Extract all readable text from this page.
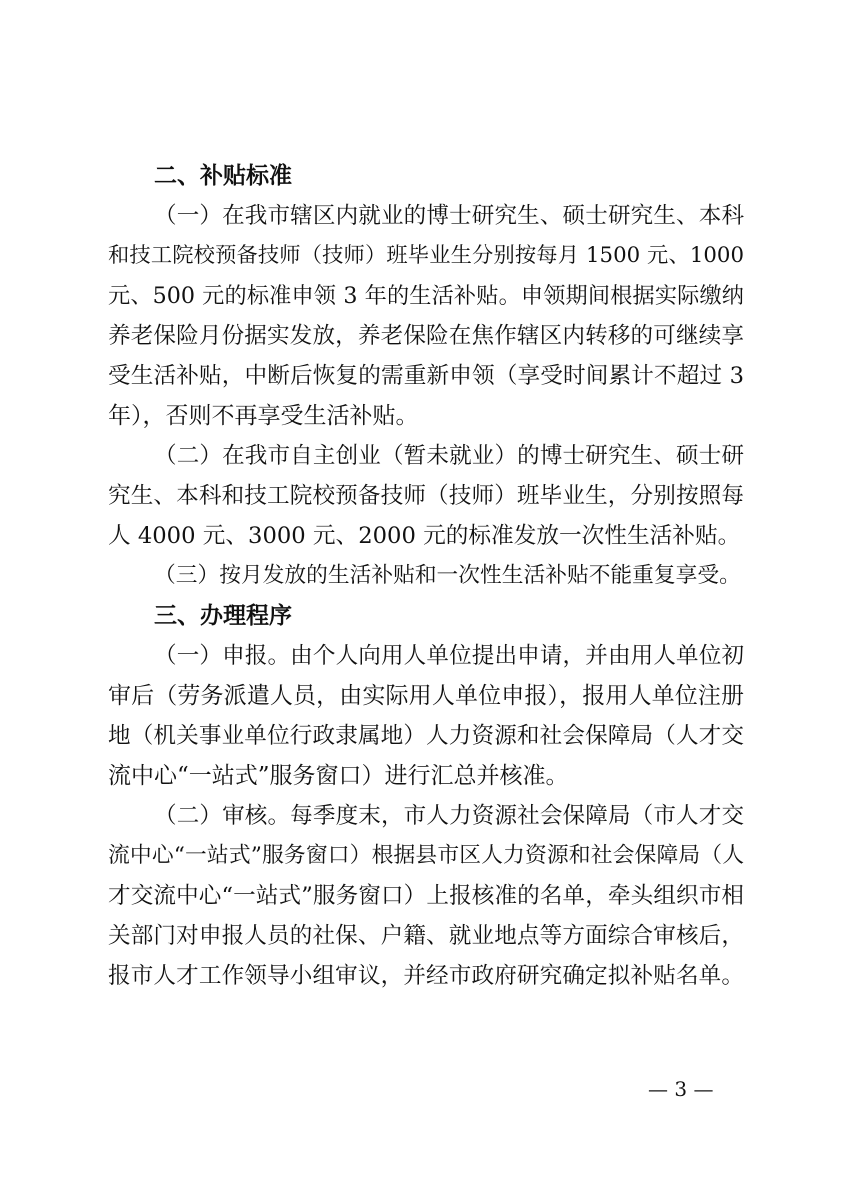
二、补贴标准
（一）在我市辖区内就业的博士研究生、硕士研究生、本科
和技工院校预备技师（技师）班毕业生分别按每月 1500 元、1000
元、500 元的标准申领 3 年的生活补贴。申领期间根据实际缴纳
养老保险月份据实发放，养老保险在焦作辖区内转移的可继续享
受生活补贴，中断后恢复的需重新申领（享受时间累计不超过 3
年），否则不再享受生活补贴。
（二）在我市自主创业（暂未就业）的博士研究生、硕士研
究生、本科和技工院校预备技师（技师）班毕业生，分别按照每
人 4000 元、3000 元、2000 元的标准发放一次性生活补贴。
（三）按月发放的生活补贴和一次性生活补贴不能重复享受。
三、办理程序
（一）申报。由个人向用人单位提出申请，并由用人单位初
审后（劳务派遣人员，由实际用人单位申报），报用人单位注册
地（机关事业单位行政隶属地）人力资源和社会保障局（人才交
流中心“一站式”服务窗口）进行汇总并核准。
（二）审核。每季度末，市人力资源社会保障局（市人才交
流中心“一站式”服务窗口）根据县市区人力资源和社会保障局（人
才交流中心“一站式”服务窗口）上报核准的名单，牵头组织市相
关部门对申报人员的社保、户籍、就业地点等方面综合审核后，
报市人才工作领导小组审议，并经市政府研究确定拟补贴名单。
— 3 —
